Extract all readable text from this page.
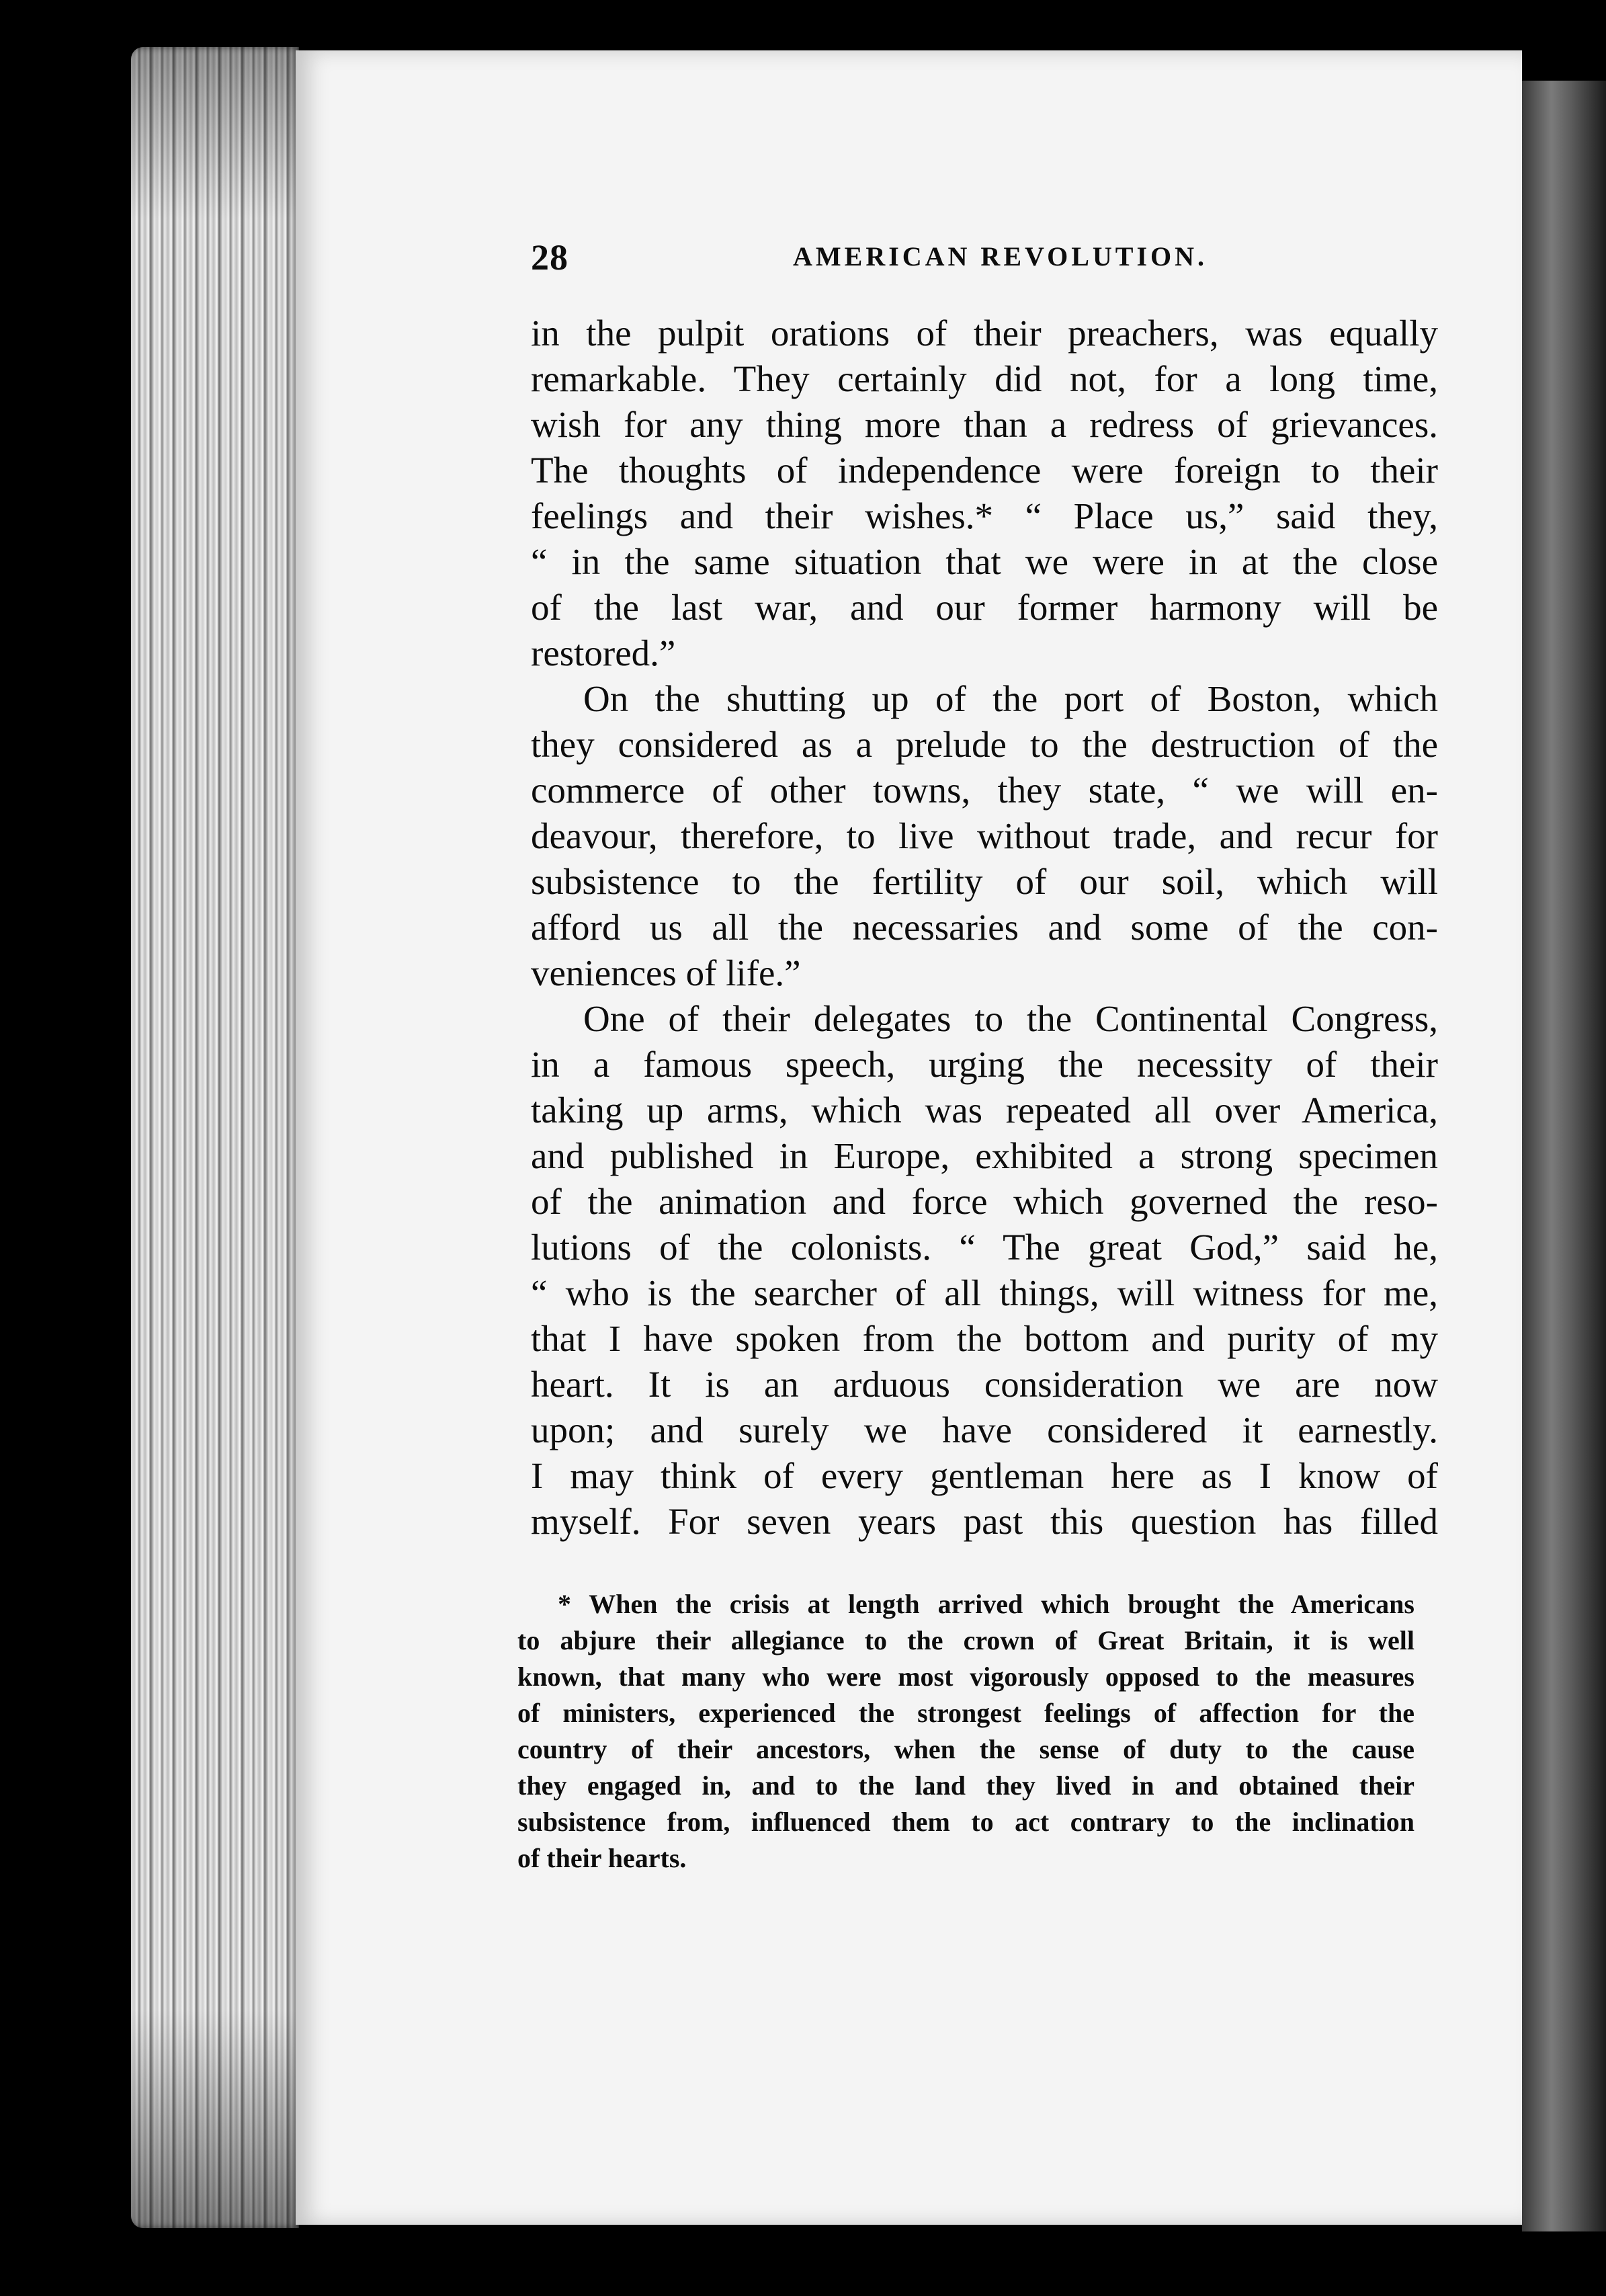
28	AMERICAN REVOLUTION.
in the pulpit orations of their preachers, was equally
remarkable. They certainly did not, for a long time,
wish for any thing more than a redress of grievances.
The thoughts of independence were foreign to their
feelings and their wishes.* “ Place us,” said they,
“ in the same situation that we were in at the close
of the last war, and our former harmony will be
restored.”
On the shutting up of the port of Boston, which
they considered as a prelude to the destruction of the
commerce of other towns, they state, “ we will en-
deavour, therefore, to live without trade, and recur for
subsistence to the fertility of our soil, which will
afford us all the necessaries and some of the con-
veniences of life.”
One of their delegates to the Continental Congress,
in a famous speech, urging the necessity of their
taking up arms, which was repeated all over America,
and published in Europe, exhibited a strong specimen
of the animation and force which governed the reso-
lutions of the colonists. “ The great God,” said he,
“ who is the searcher of all things, will witness for me,
that I have spoken from the bottom and purity of my
heart. It is an arduous consideration we are now
upon; and surely we have considered it earnestly.
I may think of every gentleman here as I know of
myself. For seven years past this question has filled
* When the crisis at length arrived which brought the Americans
to abjure their allegiance to the crown of Great Britain, it is well
known, that many who were most vigorously opposed to the measures
of ministers, experienced the strongest feelings of affection for the
country of their ancestors, when the sense of duty to the cause
they engaged in, and to the land they lived in and obtained their
subsistence from, influenced them to act contrary to the inclination
of their hearts.
